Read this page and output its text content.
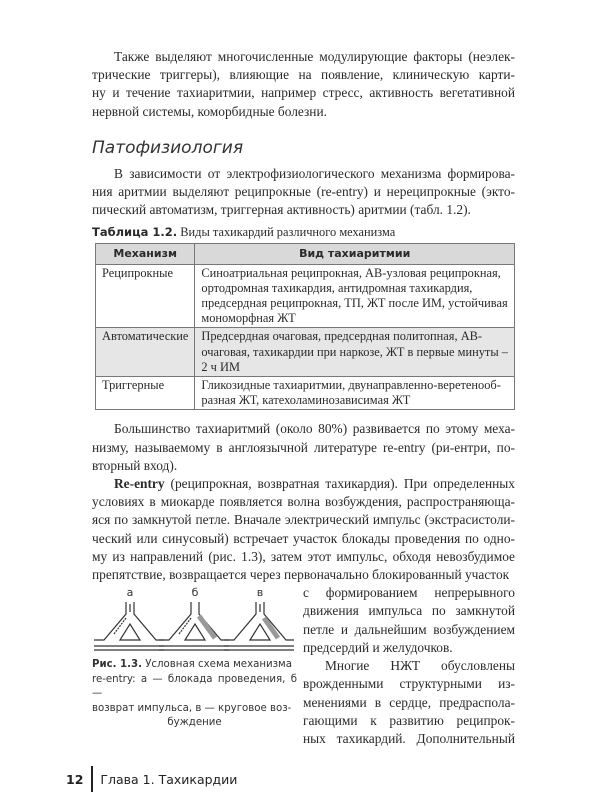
Также выделяют многочисленные модулирующие факторы (неэлек-
трические триггеры), влияющие на появление, клиническую карти-
ну и течение тахиаритмии, например стресс, активность вегетативной
нервной системы, коморбидные болезни.
Патофизиология
В зависимости от электрофизиологического механизма формирова-
ния аритмии выделяют реципрокные (re-entry) и нереципрокные (экто-
пический автоматизм, триггерная активность) аритмии (табл. 1.2).
Таблица 1.2. Виды тахикардий различного механизма
Механизм	Вид тахиаритмии
Реципрокные	Синоатриальная реципрокная, АВ-узловая реципрокная, ортодромная тахикардия, антидромная тахикардия, предсердная реципрокная, ТП, ЖТ после ИМ, устойчивая мономорфная ЖТ
Автоматические	Предсердная очаговая, предсердная политопная, АВ-очаговая, тахикардии при наркозе, ЖТ в первые минуты – 2 ч ИМ
Триггерные	Гликозидные тахиаритмии, двунаправленно-веретенообразная ЖТ, катехоламинозависимая ЖТ
Большинство тахиаритмий (около 80%) развивается по этому меха-
низму, называемому в англоязычной литературе re-entry (ри-ентри, по-
вторный вход).
Re-entry (реципрокная, возвратная тахикардия). При определенных
условиях в миокарде появляется волна возбуждения, распространяюща-
яся по замкнутой петле. Вначале электрический импульс (экстрасистоли-
ческий или синусовый) встречает участок блокады проведения по одно-
му из направлений (рис. 1.3), затем этот импульс, обходя невозбудимое
препятствие, возвращается через первоначально блокированный участок
а	б	в
Рис. 1.3. Условная схема механизма
re-entry: а — блокада проведения, б —
возврат импульса, в — круговое воз-
буждение
с формированием непрерывного
движения импульса по замкнутой
петле и дальнейшим возбуждением
предсердий и желудочков.
Многие НЖТ обусловлены
врожденными структурными из-
менениями в сердце, предраспола-
гающими к развитию реципрок-
ных тахикардий. Дополнительный
12 Глава 1. Тахикардии
